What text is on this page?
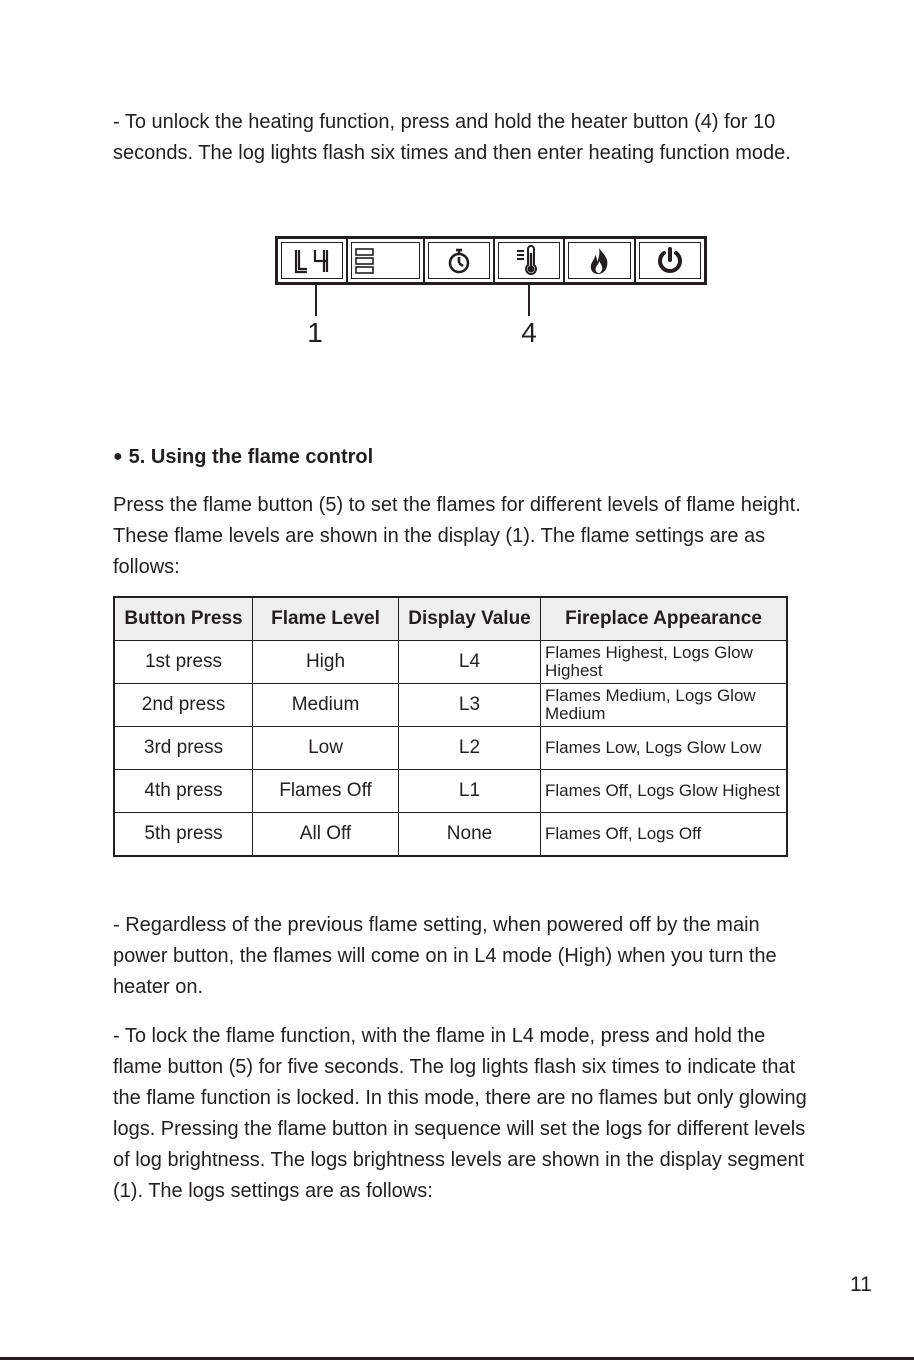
- To unlock the heating function, press and hold the heater button (4) for 10 seconds. The log lights flash six times and then enter heating function mode.

1	4

● 5. Using the flame control

Press the flame button (5) to set the flames for different levels of flame height. These flame levels are shown in the display (1). The flame settings are as follows:

Button Press	Flame Level	Display Value	Fireplace Appearance
1st press	High	L4	Flames Highest, Logs Glow Highest
2nd press	Medium	L3	Flames Medium, Logs Glow Medium
3rd press	Low	L2	Flames Low, Logs Glow Low
4th press	Flames Off	L1	Flames Off, Logs Glow Highest
5th press	All Off	None	Flames Off, Logs Off

- Regardless of the previous flame setting, when powered off by the main power button, the flames will come on in L4 mode (High) when you turn the heater on.

- To lock the flame function, with the flame in L4 mode, press and hold the flame button (5) for five seconds. The log lights flash six times to indicate that the flame function is locked. In this mode, there are no flames but only glowing logs. Pressing the flame button in sequence will set the logs for different levels of log brightness. The logs brightness levels are shown in the display segment (1). The logs settings are as follows:

11
